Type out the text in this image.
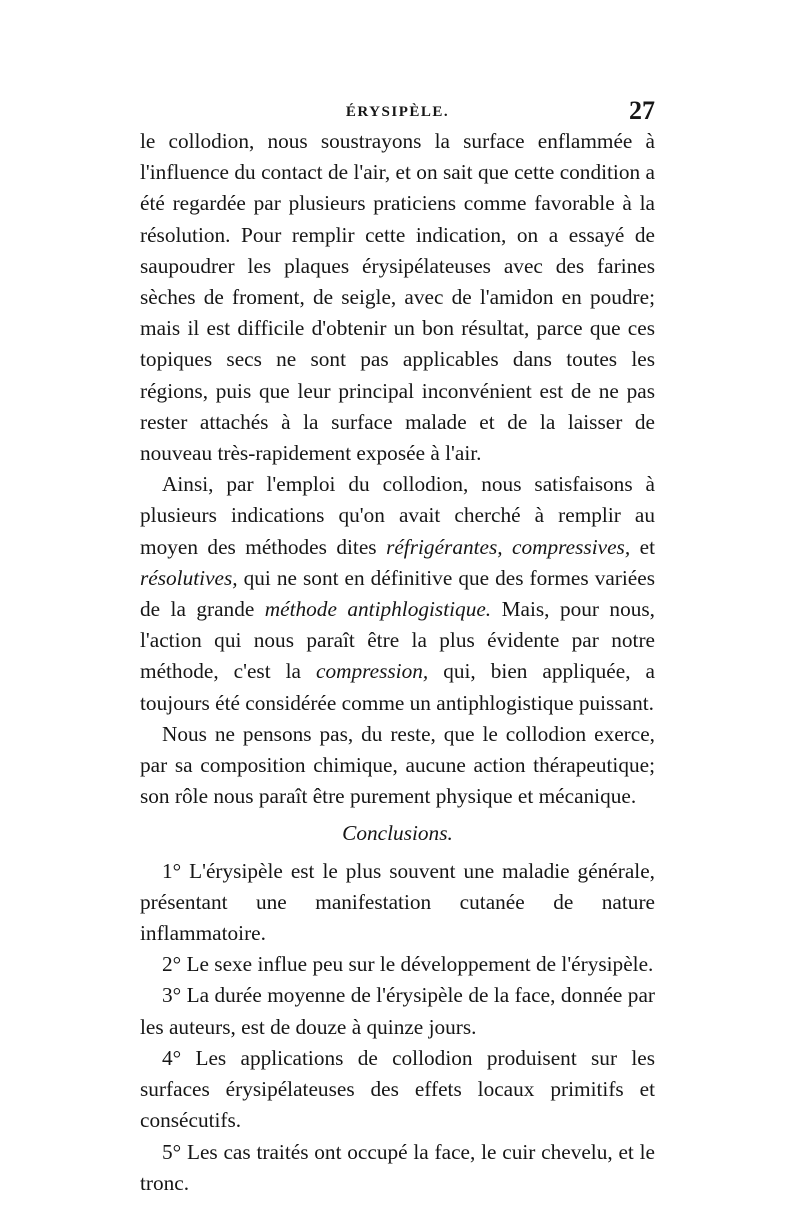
ÉRYSIPÈLE.	27

le collodion, nous soustrayons la surface enflammée à l'influence du contact de l'air, et on sait que cette condition a été regardée par plusieurs praticiens comme favorable à la résolution. Pour remplir cette indication, on a essayé de saupoudrer les plaques érysipélateuses avec des farines sèches de froment, de seigle, avec de l'amidon en poudre; mais il est difficile d'obtenir un bon résultat, parce que ces topiques secs ne sont pas applicables dans toutes les régions, puis que leur principal inconvénient est de ne pas rester attachés à la surface malade et de la laisser de nouveau très-rapidement exposée à l'air.

Ainsi, par l'emploi du collodion, nous satisfaisons à plusieurs indications qu'on avait cherché à remplir au moyen des méthodes dites réfrigérantes, compressives, et résolutives, qui ne sont en définitive que des formes variées de la grande méthode antiphlogistique. Mais, pour nous, l'action qui nous paraît être la plus évidente par notre méthode, c'est la compression, qui, bien appliquée, a toujours été considérée comme un antiphlogistique puissant.

Nous ne pensons pas, du reste, que le collodion exerce, par sa composition chimique, aucune action thérapeutique; son rôle nous paraît être purement physique et mécanique.

Conclusions.

1° L'érysipèle est le plus souvent une maladie générale, présentant une manifestation cutanée de nature inflammatoire.

2° Le sexe influe peu sur le développement de l'érysipèle.

3° La durée moyenne de l'érysipèle de la face, donnée par les auteurs, est de douze à quinze jours.

4° Les applications de collodion produisent sur les surfaces érysipélateuses des effets locaux primitifs et consécutifs.

5° Les cas traités ont occupé la face, le cuir chevelu, et le tronc.
